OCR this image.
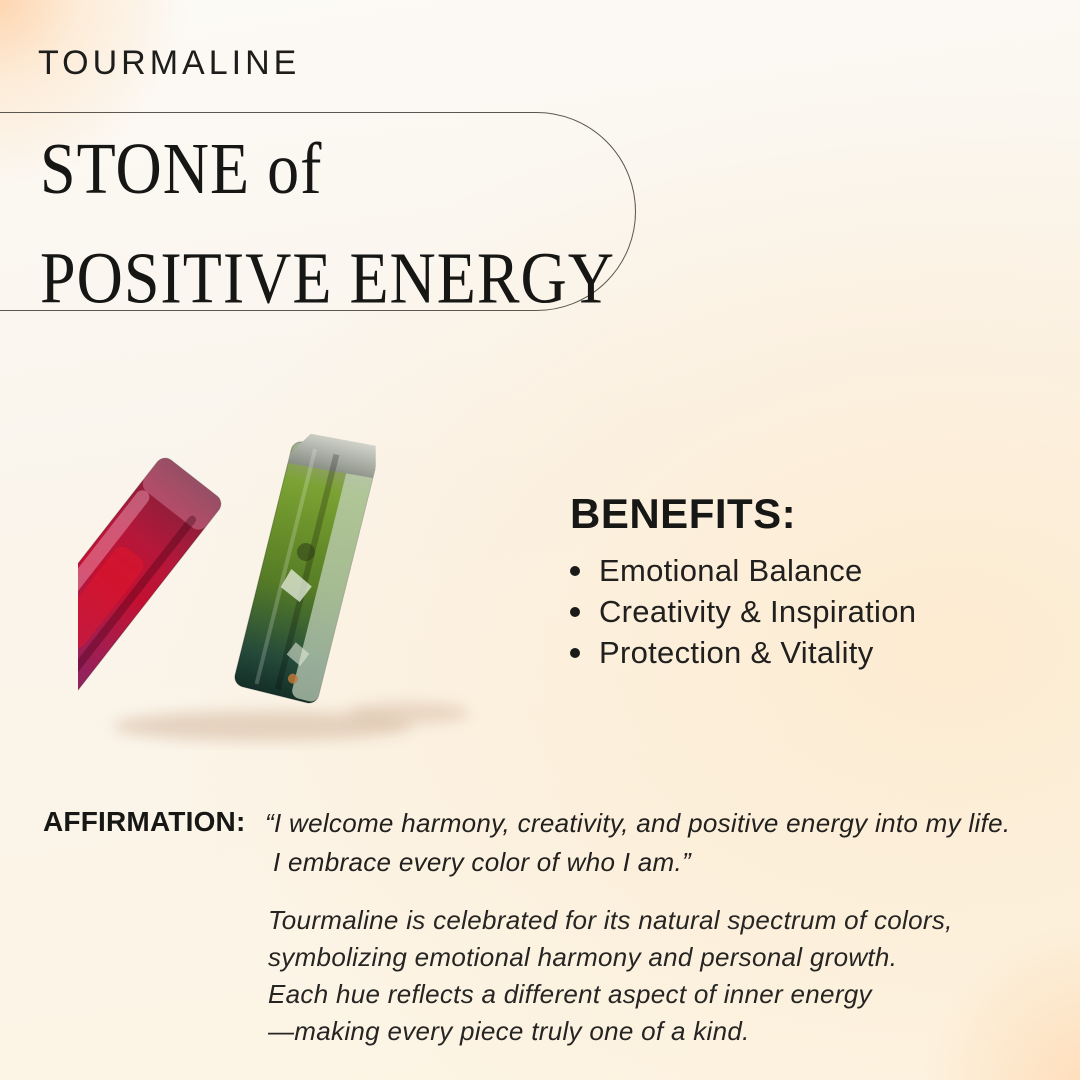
TOURMALINE
STONE of
POSITIVE ENERGY
BENEFITS:
Emotional Balance
Creativity & Inspiration
Protection & Vitality
AFFIRMATION: “I welcome harmony, creativity, and positive energy into my life.
I embrace every color of who I am.”
Tourmaline is celebrated for its natural spectrum of colors,
symbolizing emotional harmony and personal growth.
Each hue reflects a different aspect of inner energy
—making every piece truly one of a kind.
